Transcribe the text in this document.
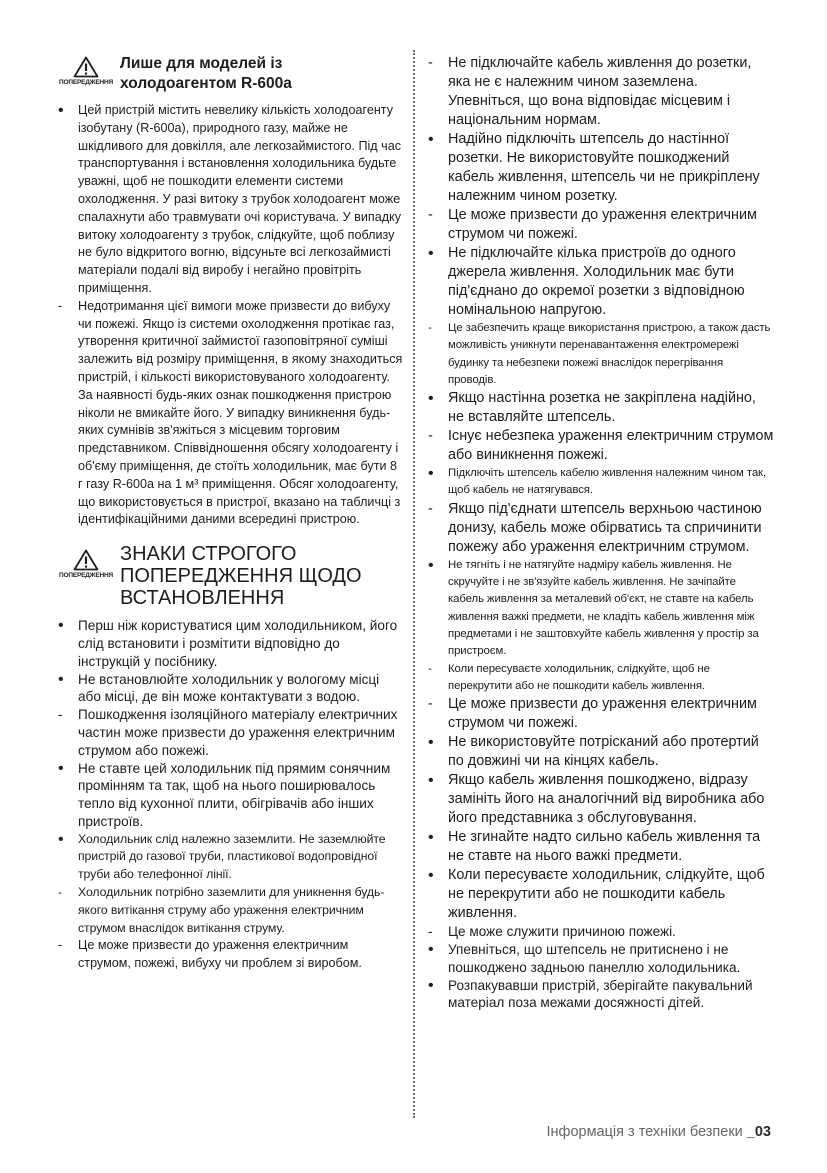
ПОПЕРЕДЖЕННЯ
Лише для моделей із
холодоагентом R-600a
• Цей пристрій містить невелику кількість холодоагенту ізобутану (R-600a), природного газу, майже не шкідливого для довкілля, але легкозаймистого. Під час транспортування і встановлення холодильника будьте уважні, щоб не пошкодити елементи системи охолодження. У разі витоку з трубок холодоагент може спалахнути або травмувати очі користувача. У випадку витоку холодоагенту з трубок, слідкуйте, щоб поблизу не було відкритого вогню, відсуньте всі легкозаймисті матеріали подалі від виробу і негайно провітріть приміщення.
- Недотримання цієї вимоги може призвести до вибуху чи пожежі. Якщо із системи охолодження протікає газ, утворення критичної займистої газоповітряної суміші залежить від розміру приміщення, в якому знаходиться пристрій, і кількості використовуваного холодоагенту. За наявності будь-яких ознак пошкодження пристрою ніколи не вмикайте його. У випадку виникнення будь-яких сумнівів зв'яжіться з місцевим торговим представником. Співвідношення обсягу холодоагенту і об'єму приміщення, де стоїть холодильник, має бути 8 г газу R-600a на 1 м³ приміщення. Обсяг холодоагенту, що використовується в пристрої, вказано на табличці з ідентифікаційними даними всередині пристрою.
ПОПЕРЕДЖЕННЯ
ЗНАКИ СТРОГОГО
ПОПЕРЕДЖЕННЯ ЩОДО
ВСТАНОВЛЕННЯ
• Перш ніж користуватися цим холодильником, його слід встановити і розмітити відповідно до інструкцій у посібнику.
• Не встановлюйте холодильник у вологому місці або місці, де він може контактувати з водою.
- Пошкодження ізоляційного матеріалу електричних частин може призвести до ураження електричним струмом або пожежі.
• Не ставте цей холодильник під прямим сонячним промінням та так, щоб на нього поширювалось тепло від кухонної плити, обігрівачів або інших пристроїв.
• Холодильник слід належно заземлити. Не заземлюйте пристрій до газової труби, пластикової водопровідної труби або телефонної лінії.
- Холодильник потрібно заземлити для уникнення будь-якого витікання струму або ураження електричним струмом внаслідок витікання струму.
- Це може призвести до ураження електричним струмом, пожежі, вибуху чи проблем зі виробом.
- Не підключайте кабель живлення до розетки, яка не є належним чином заземлена. Упевніться, що вона відповідає місцевим і національним нормам.
• Надійно підключіть штепсель до настінної розетки. Не використовуйте пошкоджений кабель живлення, штепсель чи не прикріплену належним чином розетку.
- Це може призвести до ураження електричним струмом чи пожежі.
• Не підключайте кілька пристроїв до одного джерела живлення. Холодильник має бути під'єднано до окремої розетки з відповідною номінальною напругою.
- Це забезпечить краще використання пристрою, а також дасть можливість уникнути перенавантаження електромережі будинку та небезпеки пожежі внаслідок перегрівання проводів.
• Якщо настінна розетка не закріплена надійно, не вставляйте штепсель.
- Існує небезпека ураження електричним струмом або виникнення пожежі.
• Підключіть штепсель кабелю живлення належним чином так, щоб кабель не натягувався.
- Якщо під'єднати штепсель верхньою частиною донизу, кабель може обірватись та спричинити пожежу або ураження електричним струмом.
• Не тягніть і не натягуйте надміру кабель живлення. Не скручуйте і не зв'язуйте кабель живлення. Не зачіпайте кабель живлення за металевий об'єкт, не ставте на кабель живлення важкі предмети, не кладіть кабель живлення між предметами і не заштовхуйте кабель живлення у простір за пристроєм.
- Коли пересуваєте холодильник, слідкуйте, щоб не перекрутити або не пошкодити кабель живлення.
- Це може призвести до ураження електричним струмом чи пожежі.
• Не використовуйте потрісканий або протертий по довжині чи на кінцях кабель.
• Якщо кабель живлення пошкоджено, відразу замініть його на аналогічний від виробника або його представника з обслуговування.
• Не згинайте надто сильно кабель живлення та не ставте на нього важкі предмети.
• Коли пересуваєте холодильник, слідкуйте, щоб не перекрутити або не пошкодити кабель живлення.
- Це може служити причиною пожежі.
• Упевніться, що штепсель не притиснено і не пошкоджено задньою панеллю холодильника.
• Розпакувавши пристрій, зберігайте пакувальний матеріал поза межами досяжності дітей.
Інформація з техніки безпеки _03
